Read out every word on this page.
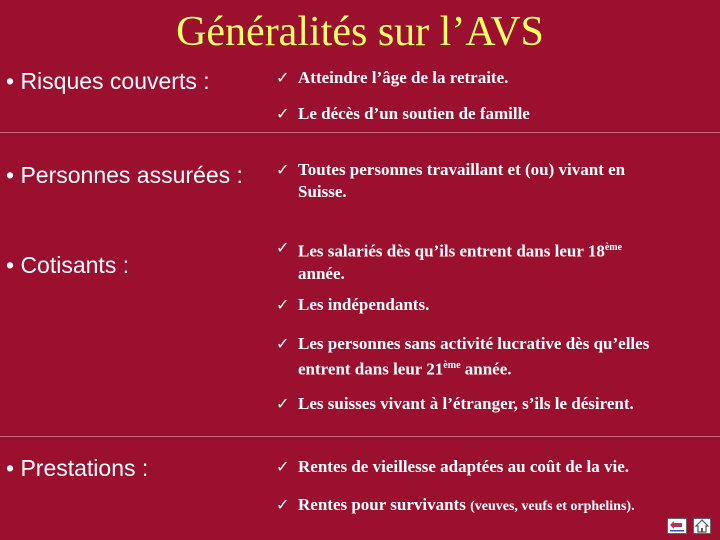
Généralités sur l’AVS
• Risques couverts :	✓ Atteindre l’âge de la retraite.
✓ Le décès d’un soutien de famille
• Personnes assurées : ✓ Toutes personnes travaillant et (ou) vivant en Suisse.
• Cotisants :
✓ Les salariés dès qu’ils entrent dans leur 18ème année.
✓ Les indépendants.
✓ Les personnes sans activité lucrative dès qu’elles entrent dans leur 21ème année.
✓ Les suisses vivant à l’étranger, s’ils le désirent.
• Prestations :	✓ Rentes de vieillesse adaptées au coût de la vie.
✓ Rentes pour survivants (veuves, veufs et orphelins).
